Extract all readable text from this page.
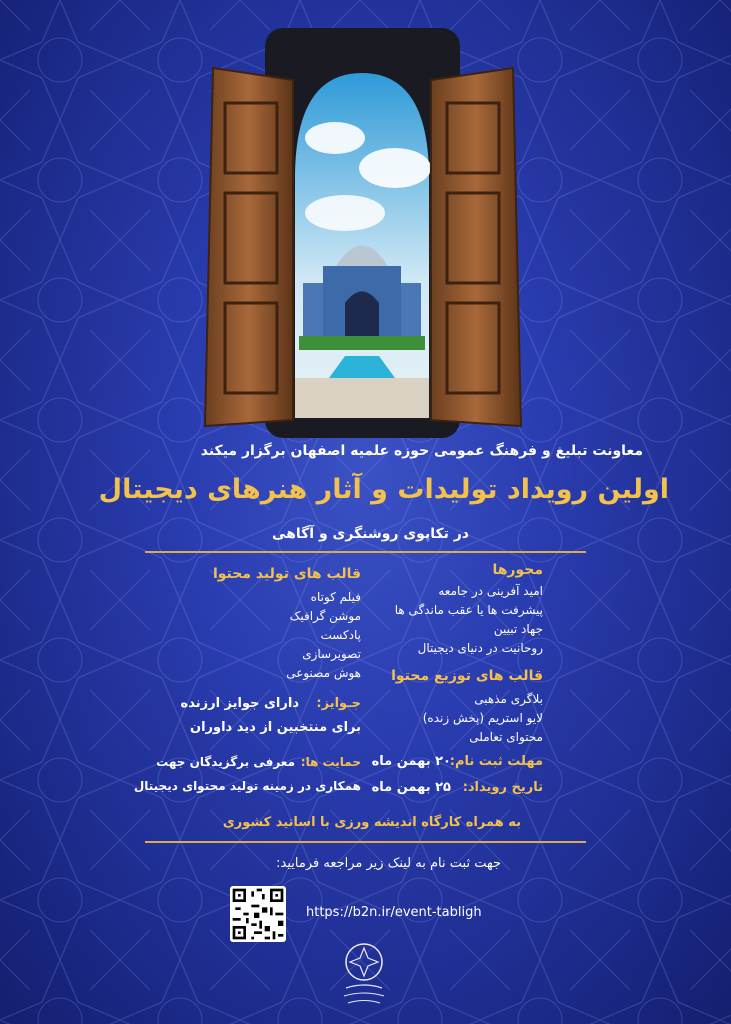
معاونت تبلیغ و فرهنگ عمومی حوزه علمیه اصفهان برگزار میکند
اولین رویداد تولیدات و آثار هنرهای دیجیتال
در تکاپوی روشنگری و آگاهی
محورها
امید آفرینی در جامعه
پیشرفت ها یا عقب ماندگی ها
جهاد تبیین
روحانیت در دنیای دیجیتال
قالب های توزیع محتوا
بلاگری مذهبی
لایو استریم (پخش زنده)
محتوای تعاملی
مهلت ثبت نام:
۲۰ بهمن ماه
تاریخ رویداد:
۲۵ بهمن ماه
قالب های تولید محتوا
فیلم کوتاه
موشن گرافیک
پادکست
تصویرسازی
هوش مصنوعی
جـوایز:
دارای جوایز ارزنده
برای منتخبین از دید داوران
حمایت ها:
معرفی برگزیدگان جهت
همکاری در زمینه تولید محتوای دیجیتال
به همراه کارگاه اندیشه ورزی با اساتید کشوری
جهت ثبت نام به لینک زیر مراجعه فرمایید:
https://b2n.ir/event-tabligh
